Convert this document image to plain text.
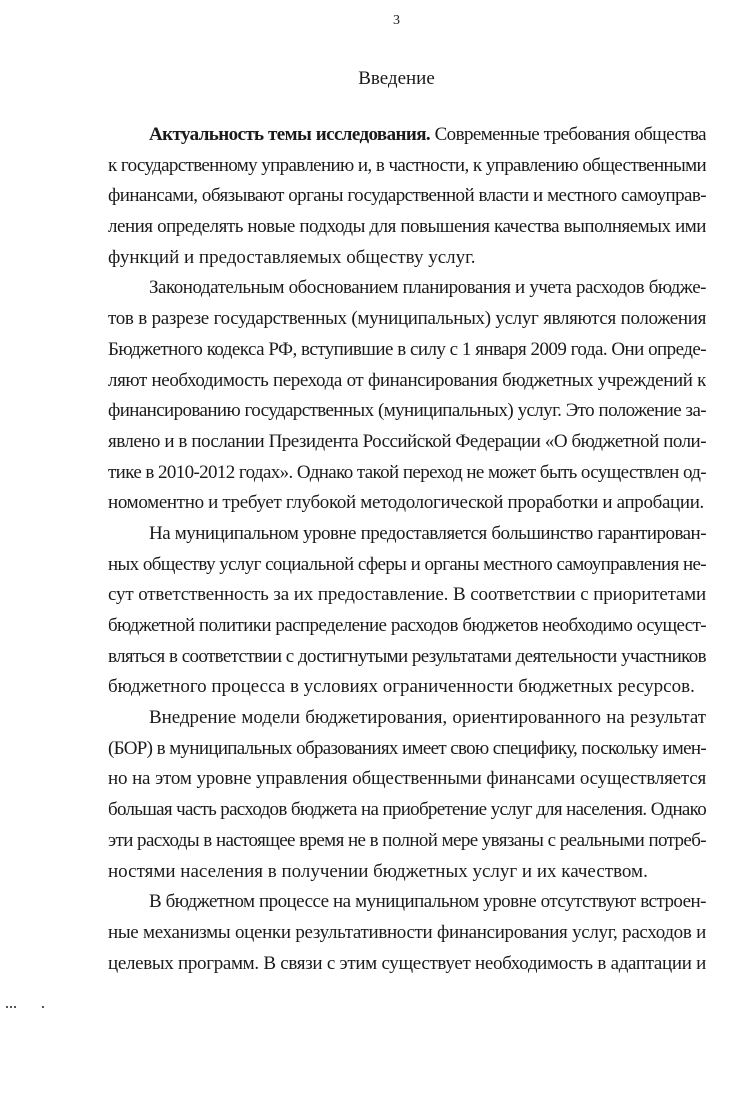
3
Введение
Актуальность темы исследования. Современные требования общества
к государственному управлению и, в частности, к управлению общественными
финансами, обязывают органы государственной власти и местного самоуправ-
ления определять новые подходы для повышения качества выполняемых ими
функций и предоставляемых обществу услуг.
Законодательным обоснованием планирования и учета расходов бюдже-
тов в разрезе государственных (муниципальных) услуг являются положения
Бюджетного кодекса РФ, вступившие в силу с 1 января 2009 года. Они опреде-
ляют необходимость перехода от финансирования бюджетных учреждений к
финансированию государственных (муниципальных) услуг. Это положение за-
явлено и в послании Президента Российской Федерации «О бюджетной поли-
тике в 2010-2012 годах». Однако такой переход не может быть осуществлен од-
номоментно и требует глубокой методологической проработки и апробации.
На муниципальном уровне предоставляется большинство гарантирован-
ных обществу услуг социальной сферы и органы местного самоуправления не-
сут ответственность за их предоставление. В соответствии с приоритетами
бюджетной политики распределение расходов бюджетов необходимо осущест-
вляться в соответствии с достигнутыми результатами деятельности участников
бюджетного процесса в условиях ограниченности бюджетных ресурсов.
Внедрение модели бюджетирования, ориентированного на результат
(БОР) в муниципальных образованиях имеет свою специфику, поскольку имен-
но на этом уровне управления общественными финансами осуществляется
большая часть расходов бюджета на приобретение услуг для населения. Однако
эти расходы в настоящее время не в полной мере увязаны с реальными потреб-
ностями населения в получении бюджетных услуг и их качеством.
В бюджетном процессе на муниципальном уровне отсутствуют встроен-
ные механизмы оценки результативности финансирования услуг, расходов и
целевых программ. В связи с этим существует необходимость в адаптации и
